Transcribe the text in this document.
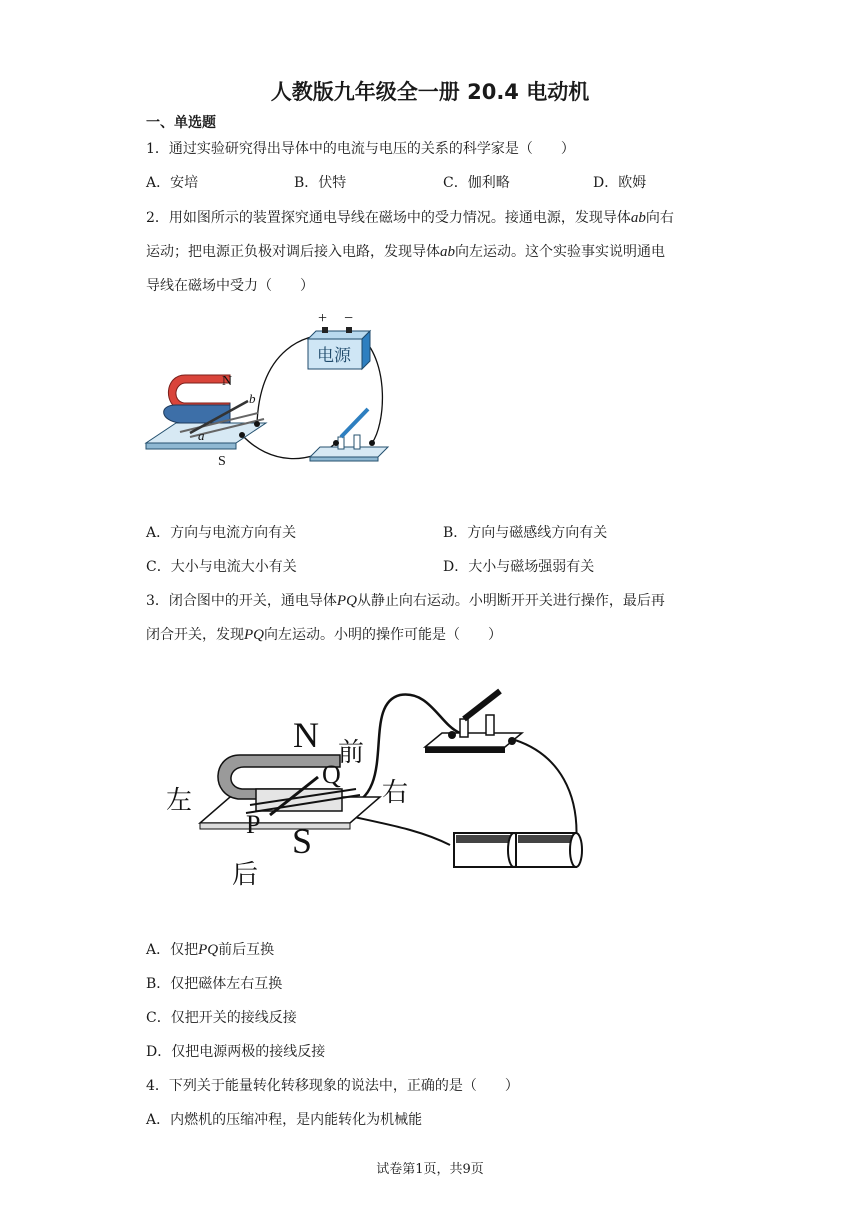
人教版九年级全一册 20.4 电动机
一、单选题
1．通过实验研究得出导体中的电流与电压的关系的科学家是（　　）
A．安培	B．伏特	C．伽利略	D．欧姆
2．用如图所示的装置探究通电导线在磁场中的受力情况。接通电源，发现导体ab向右
运动；把电源正负极对调后接入电路，发现导体ab向左运动。这个实验事实说明通电
导线在磁场中受力（　　）
+ −
电源
N
S
a
b
A．方向与电流方向有关	B．方向与磁感线方向有关
C．大小与电流大小有关	D．大小与磁场强弱有关
3．闭合图中的开关，通电导体PQ从静止向右运动。小明断开开关进行操作，最后再
闭合开关，发现PQ向左运动。小明的操作可能是（　　）
N
S
P
Q
前
后
左	右
A．仅把PQ前后互换
B．仅把磁体左右互换
C．仅把开关的接线反接
D．仅把电源两极的接线反接
4．下列关于能量转化转移现象的说法中，正确的是（　　）
A．内燃机的压缩冲程，是内能转化为机械能
试卷第1页，共9页
